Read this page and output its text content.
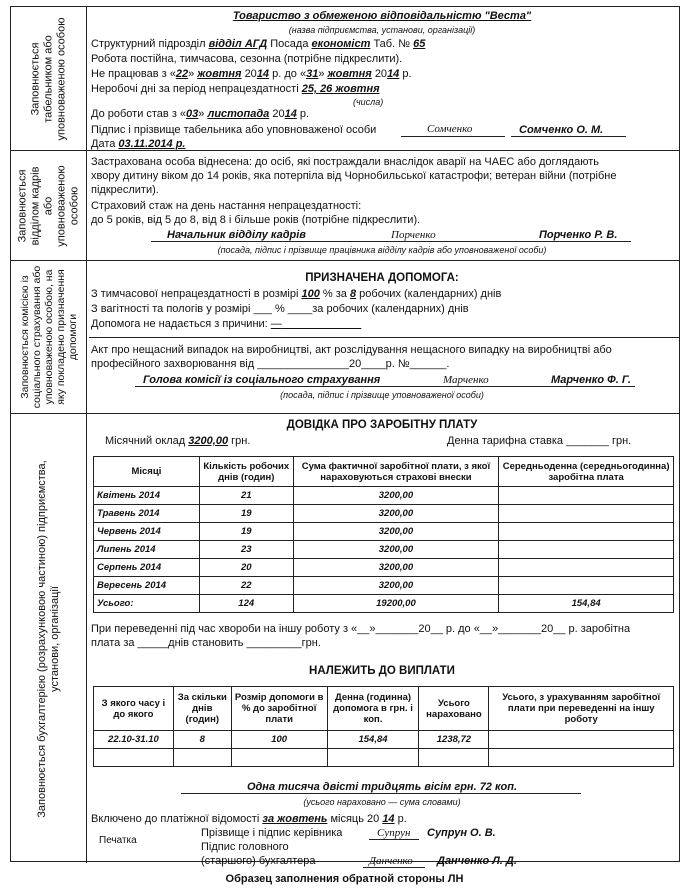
Заповнюється табельником або уповноваженою особою
Товариство з обмеженою відповідальністю "Веста"
(назва підприємства, установи, організації)
Структурний підрозділ відділ АГД Посада економіст Таб. № 65
Робота постійна, тимчасова, сезонна (потрібне підкреслити).
Не працював з «22» жовтня 2014 р. до «31» жовтня 2014 р.
Неробочі дні за період непрацездатності 25, 26 жовтня
(числа)
До роботи став з «03» листопада 2014 р.
Підпис і прізвище табельника або уповноваженої особи	Сомченко	Сомченко О. М.
Дата 03.11.2014 р.
Заповнюється відділом кадрів або уповноваженою особою
Застрахована особа віднесена: до осіб, які постраждали внаслідок аварії на ЧАЕС або доглядають
хвору дитину віком до 14 років, яка потерпіла від Чорнобильської катастрофи; ветеран війни (потрібне
підкреслити).
Страховий стаж на день настання непрацездатності:
до 5 років, від 5 до 8, від 8 і більше років (потрібне підкреслити).
Начальник відділу кадрів	Порченко	Порченко Р. В.
(посада, підпис і прізвище працівника відділу кадрів або уповноваженої особи)
Заповнюється комісією із соціального страхування або уповноваженою особою, на яку покладено призначення допомоги
ПРИЗНАЧЕНА ДОПОМОГА:
З тимчасової непрацездатності в розмірі 100 % за 8 робочих (календарних) днів
З вагітності та пологів у розмірі ___ % ____за робочих (календарних) днів
Допомога не надається з причини: —
Акт про нещасний випадок на виробництві, акт розслідування нещасного випадку на виробництві або
професійного захворювання від _______________20____р. №______.
Голова комісії із соціального страхування	Марченко	Марченко Ф. Г.
(посада, підпис і прізвище уповноваженої особи)
Заповнюється бухгалтерією (розрахунковою частиною) підприємства, установи, організації
ДОВІДКА ПРО ЗАРОБІТНУ ПЛАТУ
Місячний оклад 3200,00 грн.	Денна тарифна ставка _______ грн.
Місяці	Кількість робочих днів (годин)	Сума фактичної заробітної плати, з якої нараховуються страхові внески	Середньоденна (середньогодинна) заробітна плата
Квітень 2014	21	3200,00	
Травень 2014	19	3200,00	
Червень 2014	19	3200,00	
Липень 2014	23	3200,00	
Серпень 2014	20	3200,00	
Вересень 2014	22	3200,00	
Усього:	124	19200,00	154,84
При переведенні під час хвороби на іншу роботу з «__»_______20__ р. до «__»_______20__ р. заробітна
плата за _____днів становить _________грн.
НАЛЕЖИТЬ ДО ВИПЛАТИ
З якого часу і до якого	За скільки днів (годин)	Розмір допомоги в % до заробітної плати	Денна (годинна) допомога в грн. і коп.	Усього нараховано	Усього, з урахуванням заробітної плати при переведенні на іншу роботу
22.10-31.10	8	100	154,84	1238,72	

Одна тисяча двісті тридцять вісім грн. 72 коп.
(усього нараховано — сума словами)
Включено до платіжної відомості за жовтень місяць 20 14 р.
Печатка
Прізвище і підпис керівника	Супрун Супрун О. В.
Підпис головного
(старшого) бухгалтера	Данченко Данченко Л. Д.
Образец заполнения обратной стороны ЛН
